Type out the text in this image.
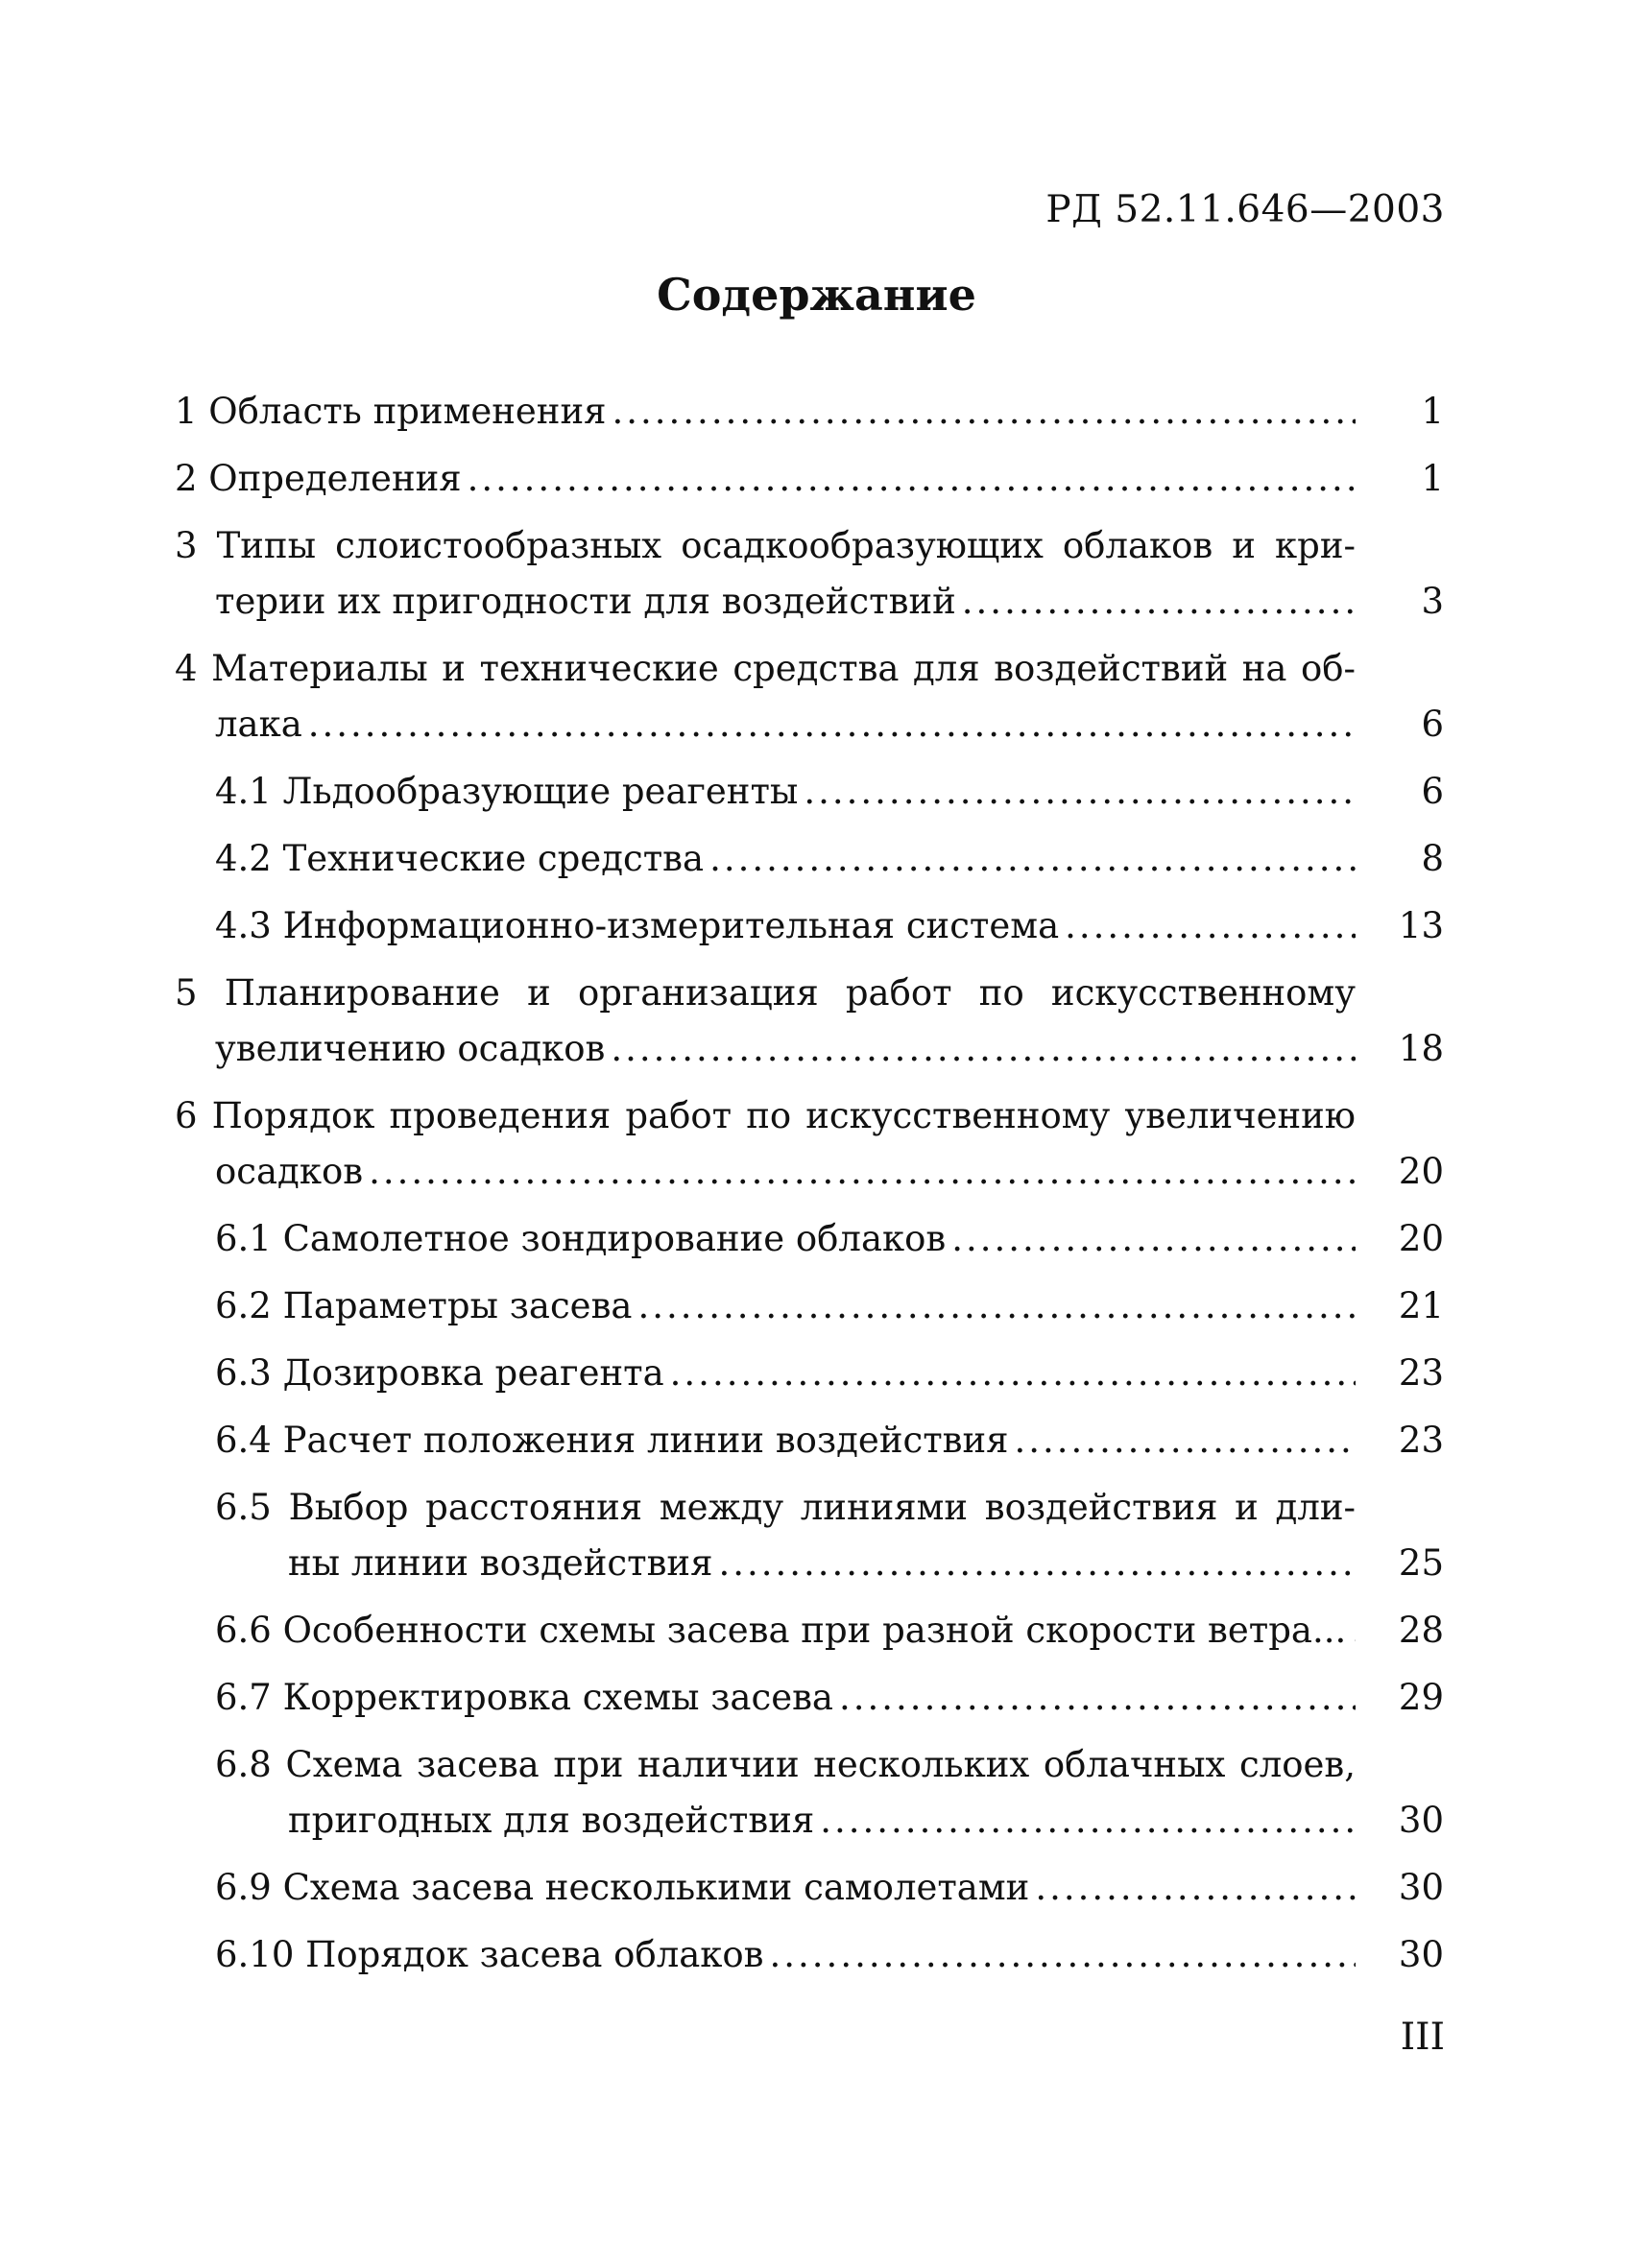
РД 52.11.646—2003
Содержание
1 Область применения .....	1
2 Определения .....	1
3 Типы слоистообразных осадкообразующих облаков и кри-
терии их пригодности для воздействий .....	3
4 Материалы и технические средства для воздействий на об-
лака .....	6
4.1 Льдообразующие реагенты .....	6
4.2 Технические средства .....	8
4.3 Информационно-измерительная система .....	13
5 Планирование и организация работ по искусственному
увеличению осадков .....	18
6 Порядок проведения работ по искусственному увеличению
осадков .....	20
6.1 Самолетное зондирование облаков .....	20
6.2 Параметры засева .....	21
6.3 Дозировка реагента .....	23
6.4 Расчет положения линии воздействия .....	23
6.5 Выбор расстояния между линиями воздействия и дли-
ны линии воздействия .....	25
6.6 Особенности схемы засева при разной скорости ветра... .....	28
6.7 Корректировка схемы засева .....	29
6.8 Схема засева при наличии нескольких облачных слоев,
пригодных для воздействия .....	30
6.9 Схема засева несколькими самолетами .....	30
6.10 Порядок засева облаков .....	30
III
